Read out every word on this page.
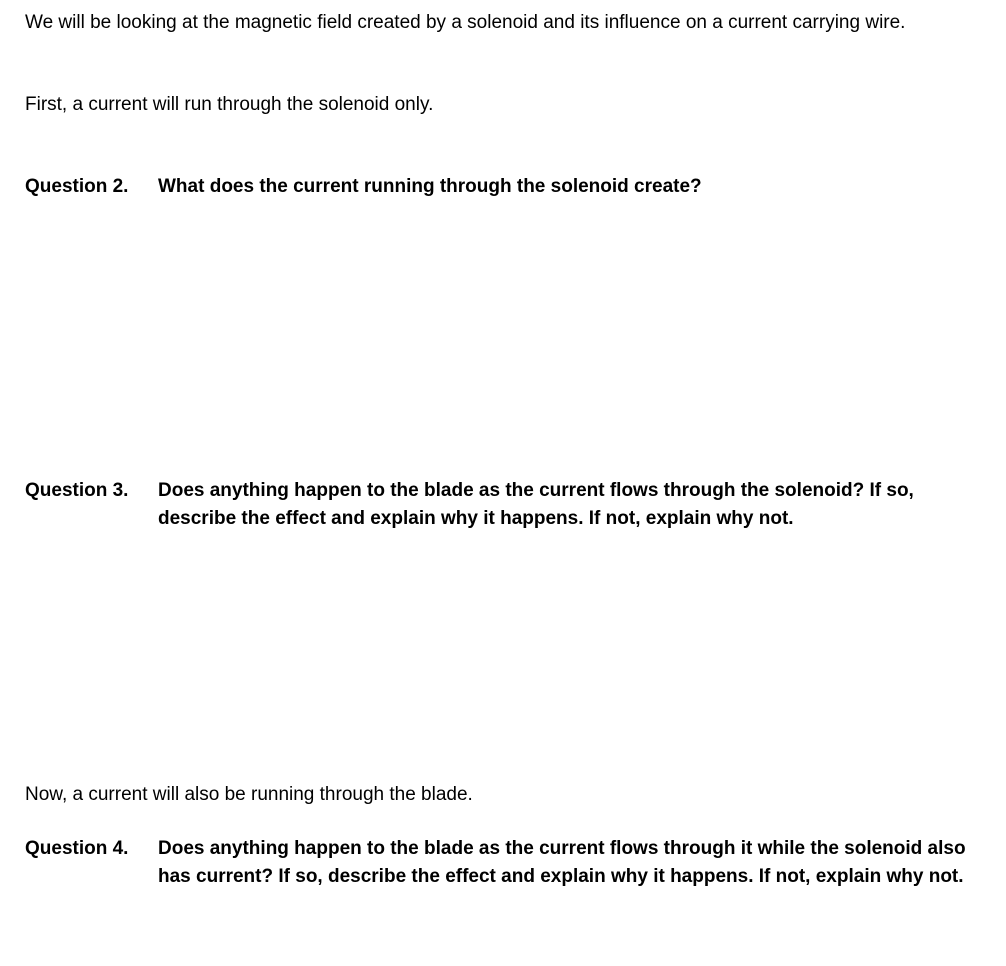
We will be looking at the magnetic field created by a solenoid and its influence on a current carrying wire.
First, a current will run through the solenoid only.
Question 2. What does the current running through the solenoid create?
Question 3. Does anything happen to the blade as the current flows through the solenoid? If so, describe the effect and explain why it happens. If not, explain why not.
Now, a current will also be running through the blade.
Question 4. Does anything happen to the blade as the current flows through it while the solenoid also has current? If so, describe the effect and explain why it happens. If not, explain why not.
